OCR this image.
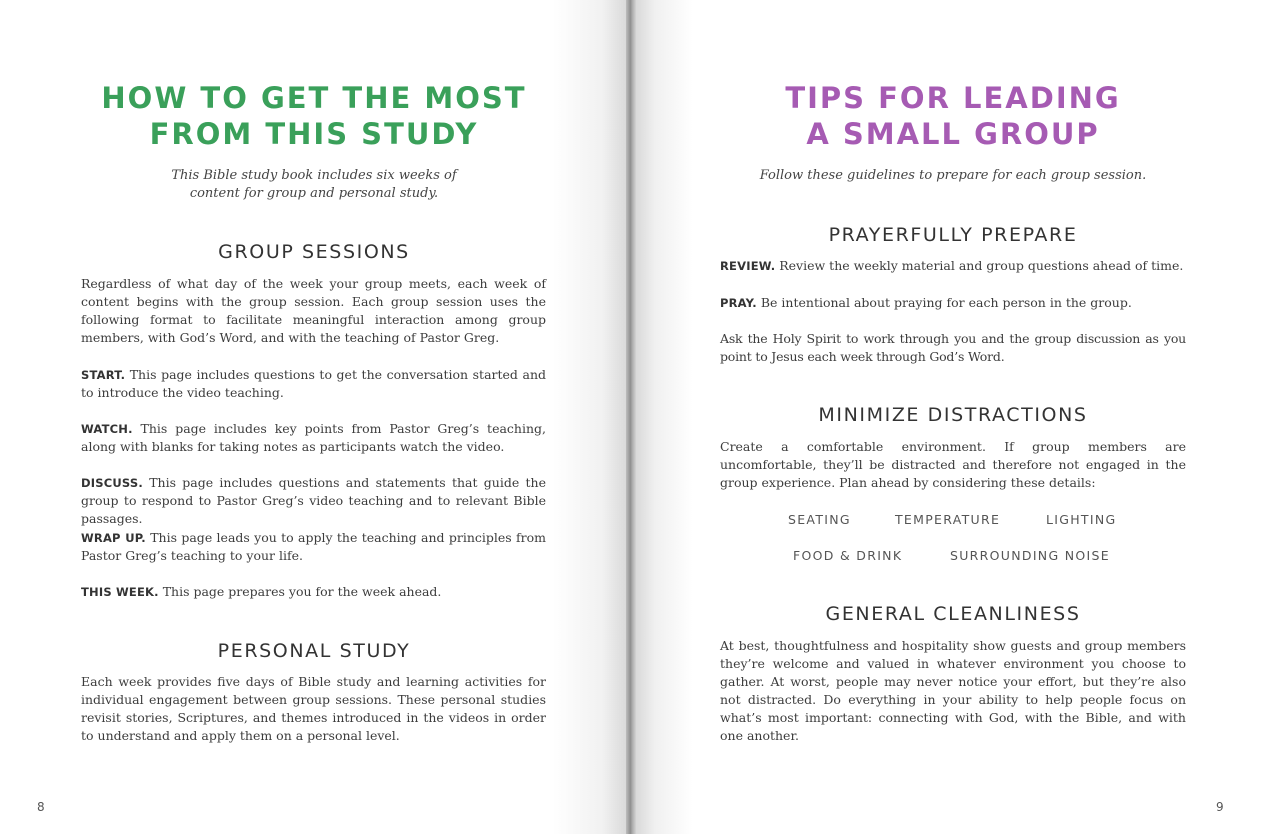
HOW TO GET THE MOST
FROM THIS STUDY

This Bible study book includes six weeks of
content for group and personal study.

GROUP SESSIONS

Regardless of what day of the week your group meets, each week of content begins with the group session. Each group session uses the following format to facilitate meaningful interaction among group members, with God’s Word, and with the teaching of Pastor Greg.

START. This page includes questions to get the conversation started and to introduce the video teaching.

WATCH. This page includes key points from Pastor Greg’s teaching, along with blanks for taking notes as participants watch the video.

DISCUSS. This page includes questions and statements that guide the group to respond to Pastor Greg’s video teaching and to relevant Bible passages.

WRAP UP. This page leads you to apply the teaching and principles from Pastor Greg’s teaching to your life.

THIS WEEK. This page prepares you for the week ahead.

PERSONAL STUDY

Each week provides five days of Bible study and learning activities for individual engagement between group sessions. These personal studies revisit stories, Scriptures, and themes introduced in the videos in order to understand and apply them on a personal level.

8
TIPS FOR LEADING
A SMALL GROUP

Follow these guidelines to prepare for each group session.

PRAYERFULLY PREPARE

REVIEW. Review the weekly material and group questions ahead of time.

PRAY. Be intentional about praying for each person in the group.

Ask the Holy Spirit to work through you and the group discussion as you point to Jesus each week through God’s Word.

MINIMIZE DISTRACTIONS

Create a comfortable environment. If group members are uncomfortable, they’ll be distracted and therefore not engaged in the group experience. Plan ahead by considering these details:

SEATING	TEMPERATURE	LIGHTING
FOOD & DRINK	SURROUNDING NOISE
GENERAL CLEANLINESS

At best, thoughtfulness and hospitality show guests and group members they’re welcome and valued in whatever environment you choose to gather. At worst, people may never notice your effort, but they’re also not distracted. Do everything in your ability to help people focus on what’s most important: connecting with God, with the Bible, and with one another.

9
